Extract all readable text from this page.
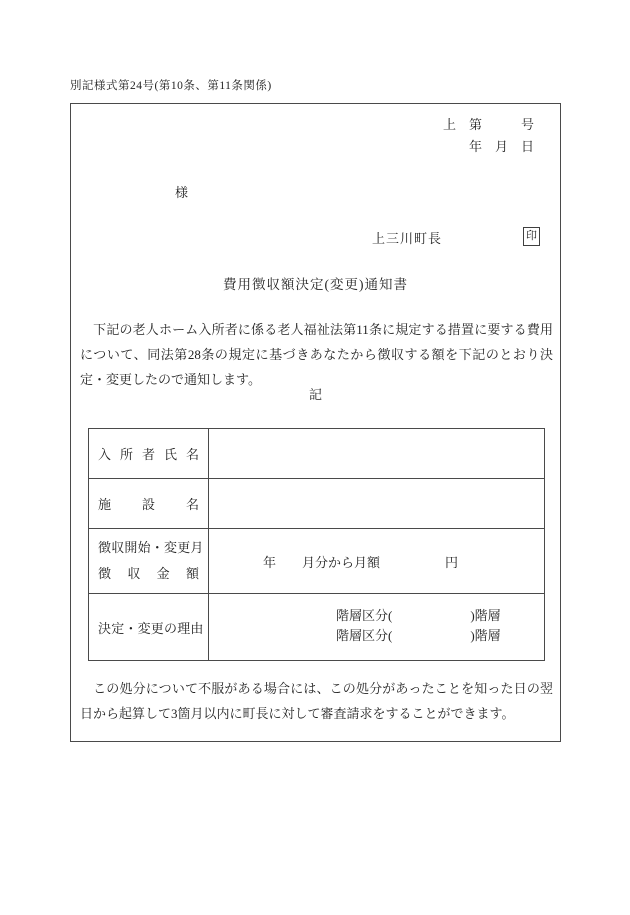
別記様式第24号(第10条、第11条関係)
上　第　　　号
年　月　日
様
上三川町長	印
費用徴収額決定(変更)通知書
　下記の老人ホーム入所者に係る老人福祉法第11条に規定する措置に要する費用について、同法第28条の規定に基づきあなたから徴収する額を下記のとおり決定・変更したので通知します。
記
入 所 者 氏 名	

施 設 名	

徴収開始・変更月
徴 収 金 額	年　　月分から月額　　　　　円

決定・変更の理由	階層区分(　　　　　　)階層
階層区分(　　　　　　)階層
　この処分について不服がある場合には、この処分があったことを知った日の翌日から起算して3箇月以内に町長に対して審査請求をすることができます。
